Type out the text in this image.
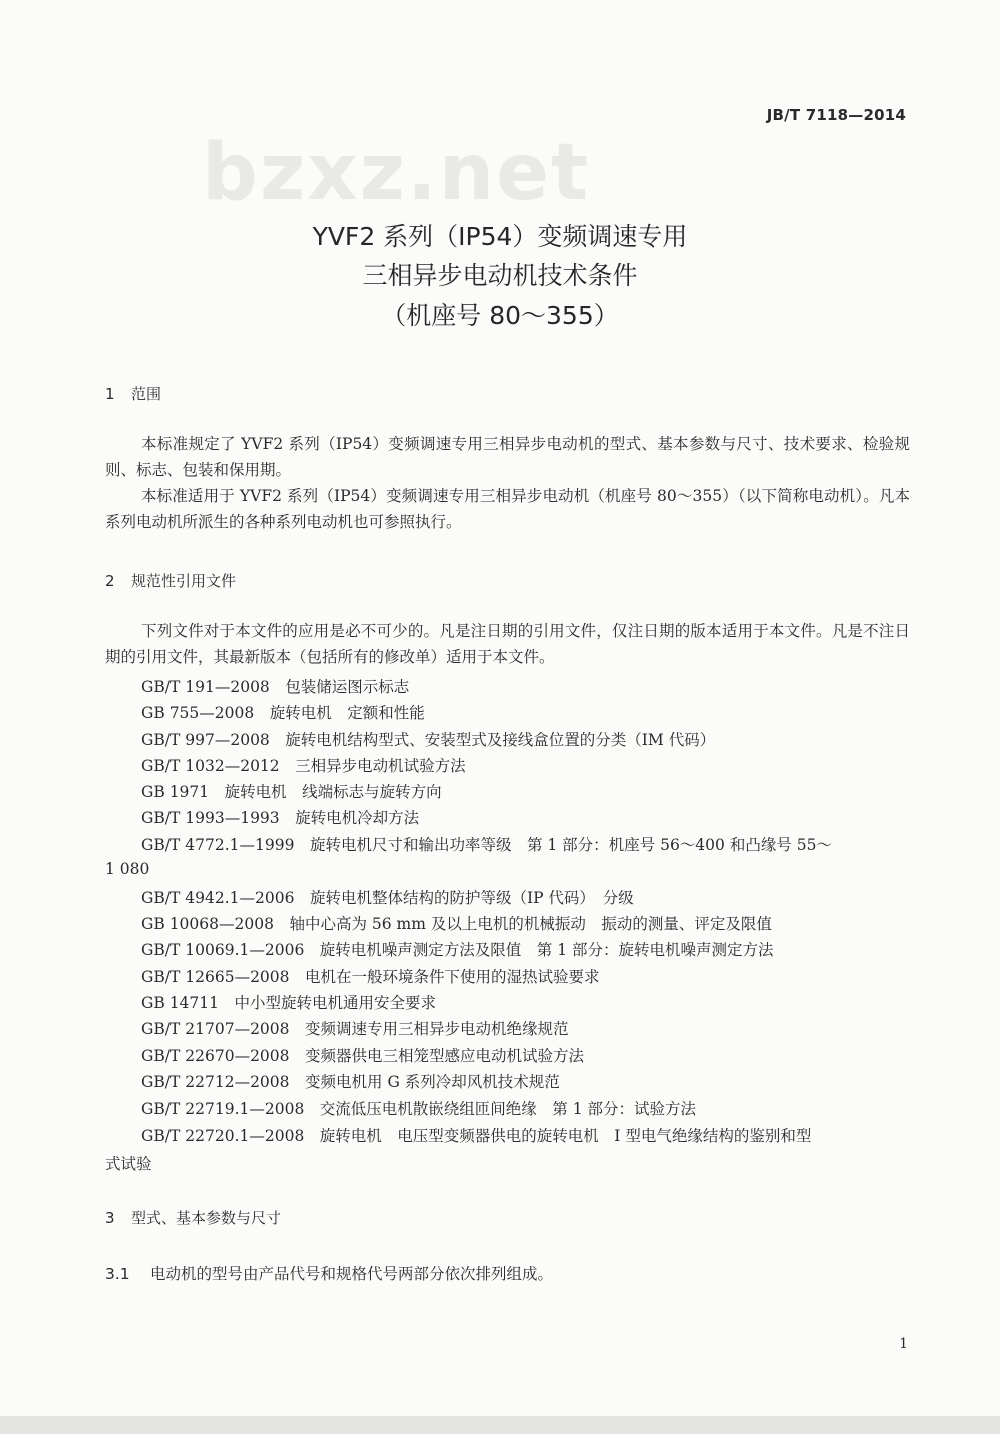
JB/T 7118—2014
bzxz.net
YVF2 系列（IP54）变频调速专用
三相异步电动机技术条件
（机座号 80～355）
1 范围
本标准规定了 YVF2 系列（IP54）变频调速专用三相异步电动机的型式、基本参数与尺寸、技术要求、检验规则、标志、包装和保用期。
本标准适用于 YVF2 系列（IP54）变频调速专用三相异步电动机（机座号 80～355）（以下简称电动机）。凡本系列电动机所派生的各种系列电动机也可参照执行。
2 规范性引用文件
下列文件对于本文件的应用是必不可少的。凡是注日期的引用文件，仅注日期的版本适用于本文件。凡是不注日期的引用文件，其最新版本（包括所有的修改单）适用于本文件。
GB/T 191—2008　包装储运图示标志
GB 755—2008　旋转电机　定额和性能
GB/T 997—2008　旋转电机结构型式、安装型式及接线盒位置的分类（IM 代码）
GB/T 1032—2012　三相异步电动机试验方法
GB 1971　旋转电机　线端标志与旋转方向
GB/T 1993—1993　旋转电机冷却方法
GB/T 4772.1—1999　旋转电机尺寸和输出功率等级　第 1 部分：机座号 56～400 和凸缘号 55～
1 080
GB/T 4942.1—2006　旋转电机整体结构的防护等级（IP 代码）　分级
GB 10068—2008　轴中心高为 56 mm 及以上电机的机械振动　振动的测量、评定及限值
GB/T 10069.1—2006　旋转电机噪声测定方法及限值　第 1 部分：旋转电机噪声测定方法
GB/T 12665—2008　电机在一般环境条件下使用的湿热试验要求
GB 14711　中小型旋转电机通用安全要求
GB/T 21707—2008　变频调速专用三相异步电动机绝缘规范
GB/T 22670—2008　变频器供电三相笼型感应电动机试验方法
GB/T 22712—2008　变频电机用 G 系列冷却风机技术规范
GB/T 22719.1—2008　交流低压电机散嵌绕组匝间绝缘　第 1 部分：试验方法
GB/T 22720.1—2008　旋转电机　电压型变频器供电的旋转电机　Ⅰ 型电气绝缘结构的鉴别和型
式试验
3 型式、基本参数与尺寸
3.1 电动机的型号由产品代号和规格代号两部分依次排列组成。
1
